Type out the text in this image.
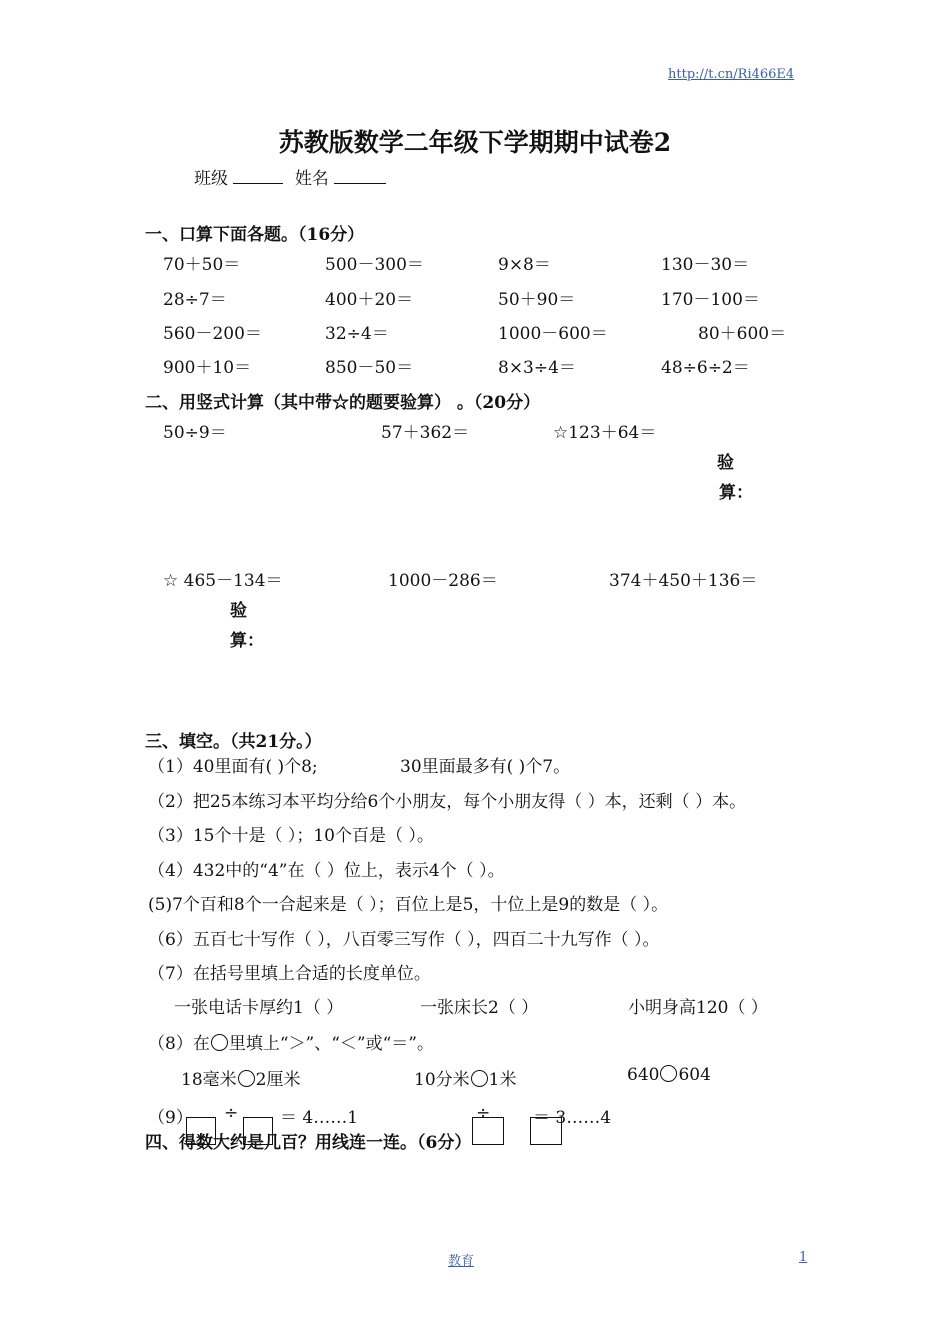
http://t.cn/Ri466E4
苏教版数学二年级下学期期中试卷2
班级	姓名
一、口算下面各题。（16分）
70＋50＝	500－300＝	9×8＝	130－30＝
28÷7＝	400＋20＝	50＋90＝	170－100＝
560－200＝	32÷4＝	1000－600＝	80＋600＝
900＋10＝	850－50＝	8×3÷4＝	48÷6÷2＝
二、用竖式计算（其中带☆的题要验算） 。（20分）
50÷9＝	57＋362＝	☆123＋64＝
验
算：
☆ 465－134＝	1000－286＝	374＋450＋136＝
验
算：
三、填空。（共21分。）
（1）40里面有( )个8;	30里面最多有( )个7。
（2）把25本练习本平均分给6个小朋友，每个小朋友得（ ）本，还剩（ ）本。
（3）15个十是（ ）；10个百是（ ）。
（4）432中的“4”在（ ）位上，表示4个（ ）。
(5)7个百和8个一合起来是（ ）；百位上是5，十位上是9的数是（ ）。
（6）五百七十写作（ ），八百零三写作（ ），四百二十九写作（ ）。
（7）在括号里填上合适的长度单位。
一张电话卡厚约1（ ）	一张床长2（ ）	小明身高120（ ）
（8）在 里填上“＞”、“＜”或“＝”。
18毫米 2厘米	10分米 1米	640 604
（9） ÷ ＝ 4……1	÷	＝ 3……4
四、得数大约是几百？用线连一连。（6分）
教育	1
